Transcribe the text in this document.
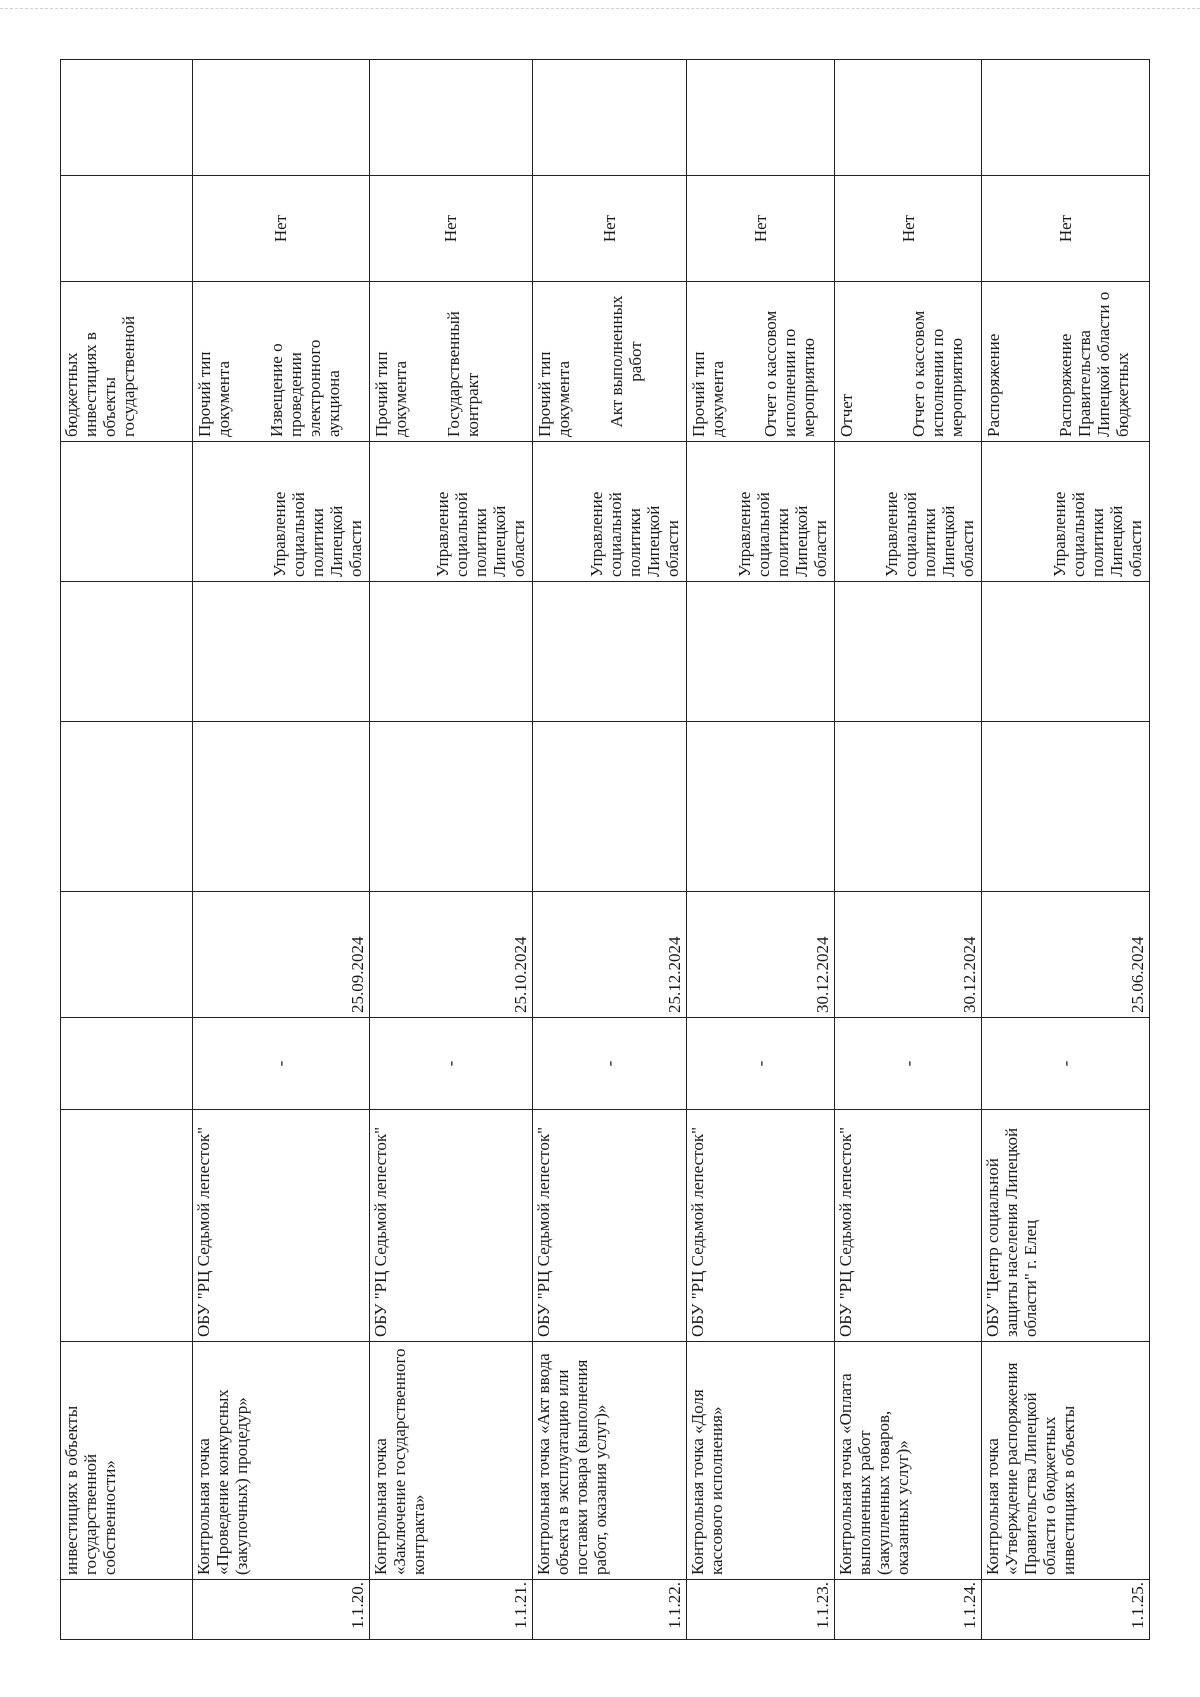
	инвестициях в объекты государственной собственности»							бюджетных инвестициях в объекты государственной		
1.1.20.	Контрольная точка «Проведение конкурсных (закупочных) процедур»	ОБУ "РЦ Седьмой лепесток"	-	25.09.2024			Управление социальной политики Липецкой области	Прочий тип документа Извещение о проведении электронного аукциона	Нет	
1.1.21.	Контрольная точка «Заключение государственного контракта»	ОБУ "РЦ Седьмой лепесток"	-	25.10.2024			Управление социальной политики Липецкой области	Прочий тип документа Государственный контракт	Нет	
1.1.22.	Контрольная точка «Акт ввода объекта в эксплуатацию или поставки товара (выполнения работ, оказания услуг)»	ОБУ "РЦ Седьмой лепесток"	-	25.12.2024			Управление социальной политики Липецкой области	Прочий тип документа Акт выполненных работ	Нет	
1.1.23.	Контрольная точка «Доля кассового исполнения»	ОБУ "РЦ Седьмой лепесток"	-	30.12.2024			Управление социальной политики Липецкой области	Прочий тип документа Отчет о кассовом исполнении по мероприятию	Нет	
1.1.24.	Контрольная точка «Оплата выполненных работ (закупленных товаров, оказанных услуг)»	ОБУ "РЦ Седьмой лепесток"	-	30.12.2024			Управление социальной политики Липецкой области	Отчет Отчет о кассовом исполнении по мероприятию	Нет	
1.1.25.	Контрольная точка «Утверждение распоряжения Правительства Липецкой области о бюджетных инвестициях в объекты	ОБУ "Центр социальной защиты населения Липецкой области" г. Елец	-	25.06.2024			Управление социальной политики Липецкой области	Распоряжение Распоряжение Правительства Липецкой области о бюджетных	Нет	
